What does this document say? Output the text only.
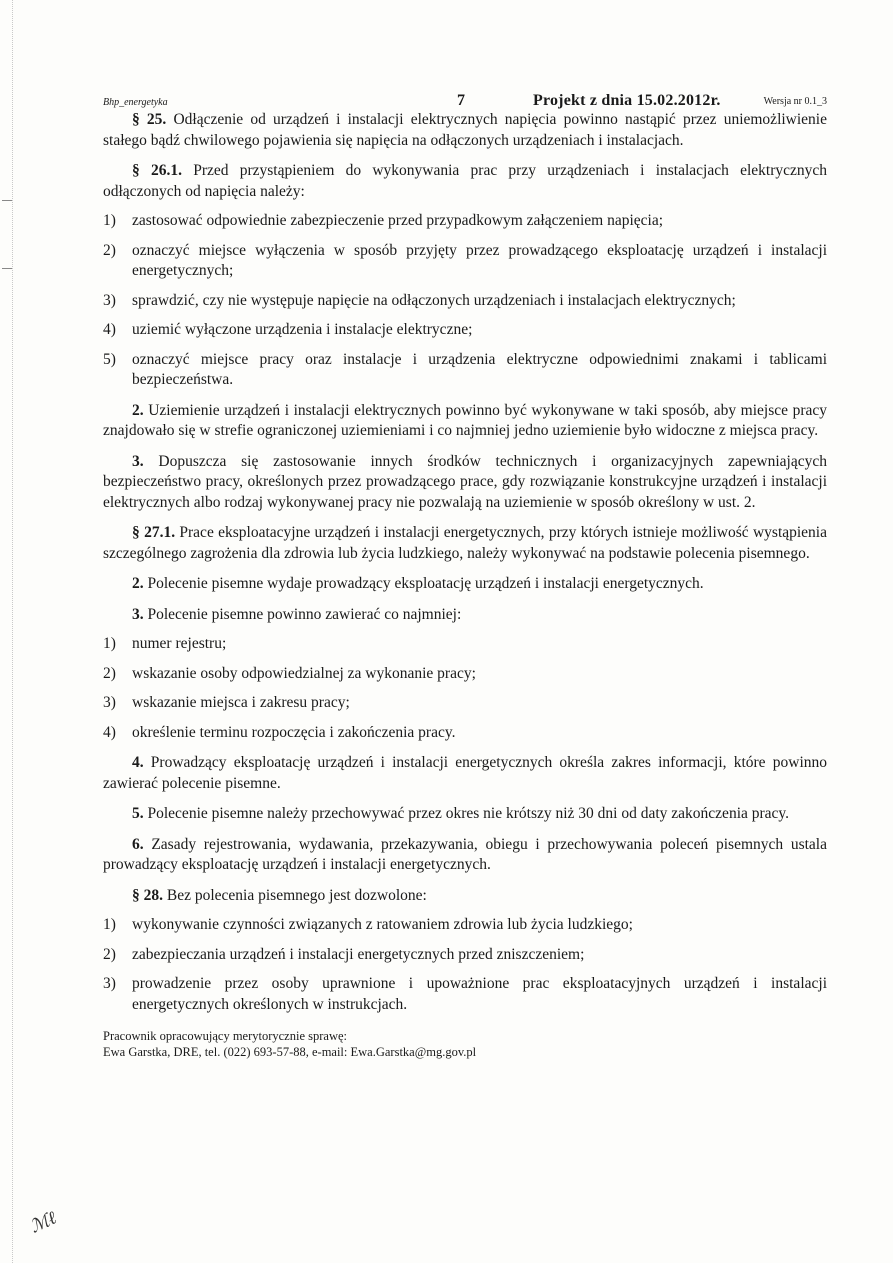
Bhp_energetyka	7	Projekt z dnia 15.02.2012r.	Wersja nr 0.1_3

§ 25. Odłączenie od urządzeń i instalacji elektrycznych napięcia powinno nastąpić przez uniemożliwienie stałego bądź chwilowego pojawienia się napięcia na odłączonych urządzeniach i instalacjach.

§ 26.1. Przed przystąpieniem do wykonywania prac przy urządzeniach i instalacjach elektrycznych odłączonych od napięcia należy:

1) zastosować odpowiednie zabezpieczenie przed przypadkowym załączeniem napięcia;
2) oznaczyć miejsce wyłączenia w sposób przyjęty przez prowadzącego eksploatację urządzeń i instalacji energetycznych;
3) sprawdzić, czy nie występuje napięcie na odłączonych urządzeniach i instalacjach elektrycznych;
4) uziemić wyłączone urządzenia i instalacje elektryczne;
5) oznaczyć miejsce pracy oraz instalacje i urządzenia elektryczne odpowiednimi znakami i tablicami bezpieczeństwa.

2. Uziemienie urządzeń i instalacji elektrycznych powinno być wykonywane w taki sposób, aby miejsce pracy znajdowało się w strefie ograniczonej uziemieniami i co najmniej jedno uziemienie było widoczne z miejsca pracy.

3. Dopuszcza się zastosowanie innych środków technicznych i organizacyjnych zapewniających bezpieczeństwo pracy, określonych przez prowadzącego prace, gdy rozwiązanie konstrukcyjne urządzeń i instalacji elektrycznych albo rodzaj wykonywanej pracy nie pozwalają na uziemienie w sposób określony w ust. 2.

§ 27.1. Prace eksploatacyjne urządzeń i instalacji energetycznych, przy których istnieje możliwość wystąpienia szczególnego zagrożenia dla zdrowia lub życia ludzkiego, należy wykonywać na podstawie polecenia pisemnego.

2. Polecenie pisemne wydaje prowadzący eksploatację urządzeń i instalacji energetycznych.

3. Polecenie pisemne powinno zawierać co najmniej:

1) numer rejestru;
2) wskazanie osoby odpowiedzialnej za wykonanie pracy;
3) wskazanie miejsca i zakresu pracy;
4) określenie terminu rozpoczęcia i zakończenia pracy.

4. Prowadzący eksploatację urządzeń i instalacji energetycznych określa zakres informacji, które powinno zawierać polecenie pisemne.

5. Polecenie pisemne należy przechowywać przez okres nie krótszy niż 30 dni od daty zakończenia pracy.

6. Zasady rejestrowania, wydawania, przekazywania, obiegu i przechowywania poleceń pisemnych ustala prowadzący eksploatację urządzeń i instalacji energetycznych.

§ 28. Bez polecenia pisemnego jest dozwolone:

1) wykonywanie czynności związanych z ratowaniem zdrowia lub życia ludzkiego;
2) zabezpieczania urządzeń i instalacji energetycznych przed zniszczeniem;
3) prowadzenie przez osoby uprawnione i upoważnione prac eksploatacyjnych urządzeń i instalacji energetycznych określonych w instrukcjach.
Pracownik opracowujący merytorycznie sprawę:
Ewa Garstka, DRE, tel. (022) 693-57-88, e-mail: Ewa.Garstka@mg.gov.pl
ℳℓ
